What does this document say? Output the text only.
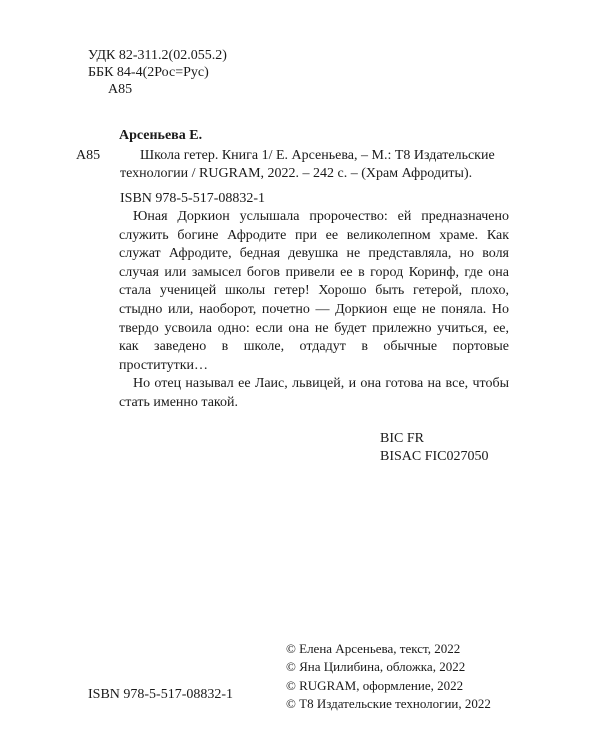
УДК 82-311.2(02.055.2)
ББК 84-4(2Рос=Рус)
А85
Арсеньева Е.
А85	Школа гетер. Книга 1/ Е. Арсеньева, – М.: Т8 Издательские
технологии / RUGRAM, 2022. – 242 с. – (Храм Афродиты).
ISBN 978-5-517-08832-1

Юная Доркион услышала пророчество: ей предназначено служить богине Афродите при ее великолепном храме. Как служат Афродите, бедная девушка не представляла, но воля случая или замысел богов привели ее в город Коринф, где она стала ученицей школы гетер! Хорошо быть гетерой, плохо, стыдно или, наоборот, почетно — Доркион еще не поняла. Но твердо усвоила одно: если она не будет прилежно учиться, ее, как заведено в школе, отдадут в обычные портовые проститутки…

Но отец называл ее Лаис, львицей, и она готова на все, чтобы стать именно такой.

BIC FR
BISAC FIC027050
ISBN 978-5-517-08832-1
© Елена Арсеньева, текст, 2022
© Яна Цилибина, обложка, 2022
© RUGRAM, оформление, 2022
© Т8 Издательские технологии, 2022
